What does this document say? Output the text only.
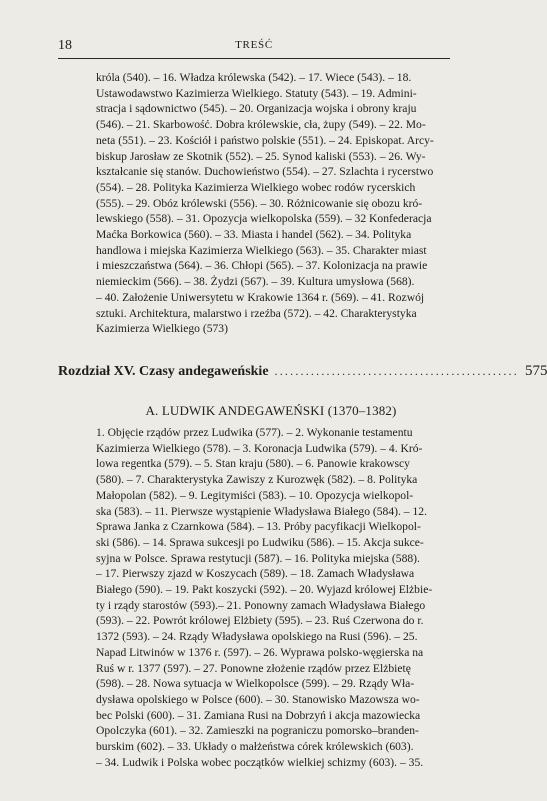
18	TREŚĆ

króla (540). – 16. Władza królewska (542). – 17. Wiece (543). – 18.
Ustawodawstwo Kazimierza Wielkiego. Statuty (543). – 19. Admini-
stracja i sądownictwo (545). – 20. Organizacja wojska i obrony kraju
(546). – 21. Skarbowość. Dobra królewskie, cła, żupy (549). – 22. Mo-
neta (551). – 23. Kościół i państwo polskie (551). – 24. Episkopat. Arcy-
biskup Jarosław ze Skotnik (552). – 25. Synod kaliski (553). – 26. Wy-
kształcanie się stanów. Duchowieństwo (554). – 27. Szlachta i rycerstwo
(554). – 28. Polityka Kazimierza Wielkiego wobec rodów rycerskich
(555). – 29. Obóz królewski (556). – 30. Różnicowanie się obozu kró-
lewskiego (558). – 31. Opozycja wielkopolska (559). – 32 Konfederacja
Maćka Borkowica (560). – 33. Miasta i handel (562). – 34. Polityka
handlowa i miejska Kazimierza Wielkiego (563). – 35. Charakter miast
i mieszczaństwa (564). – 36. Chłopi (565). – 37. Kolonizacja na prawie
niemieckim (566). – 38. Żydzi (567). – 39. Kultura umysłowa (568).
– 40. Założenie Uniwersytetu w Krakowie 1364 r. (569). – 41. Rozwój
sztuki. Architektura, malarstwo i rzeźba (572). – 42. Charakterystyka
Kazimierza Wielkiego (573)

Rozdział XV. Czasy andegaweńskie ............................................... 575
A. LUDWIK ANDEGAWEŃSKI (1370–1382)

1. Objęcie rządów przez Ludwika (577). – 2. Wykonanie testamentu
Kazimierza Wielkiego (578). – 3. Koronacja Ludwika (579). – 4. Kró-
lowa regentka (579). – 5. Stan kraju (580). – 6. Panowie krakowscy
(580). – 7. Charakterystyka Zawiszy z Kurozwęk (582). – 8. Polityka
Małopolan (582). – 9. Legitymiści (583). – 10. Opozycja wielkopol-
ska (583). – 11. Pierwsze wystąpienie Władysława Białego (584). – 12.
Sprawa Janka z Czarnkowa (584). – 13. Próby pacyfikacji Wielkopol-
ski (586). – 14. Sprawa sukcesji po Ludwiku (586). – 15. Akcja sukce-
syjna w Polsce. Sprawa restytucji (587). – 16. Polityka miejska (588).
– 17. Pierwszy zjazd w Koszycach (589). – 18. Zamach Władysława
Białego (590). – 19. Pakt koszycki (592). – 20. Wyjazd królowej Elżbie-
ty i rządy starostów (593).– 21. Ponowny zamach Władysława Białego
(593). – 22. Powrót królowej Elżbiety (595). – 23. Ruś Czerwona do r.
1372 (593). – 24. Rządy Władysława opolskiego na Rusi (596). – 25.
Napad Litwinów w 1376 r. (597). – 26. Wyprawa polsko-węgierska na
Ruś w r. 1377 (597). – 27. Ponowne złożenie rządów przez Elżbietę
(598). – 28. Nowa sytuacja w Wielkopolsce (599). – 29. Rządy Wła-
dysława opolskiego w Polsce (600). – 30. Stanowisko Mazowsza wo-
bec Polski (600). – 31. Zamiana Rusi na Dobrzyń i akcja mazowiecka
Opolczyka (601). – 32. Zamieszki na pograniczu pomorsko–branden-
burskim (602). – 33. Układy o małżeństwa córek królewskich (603).
– 34. Ludwik i Polska wobec początków wielkiej schizmy (603). – 35.
